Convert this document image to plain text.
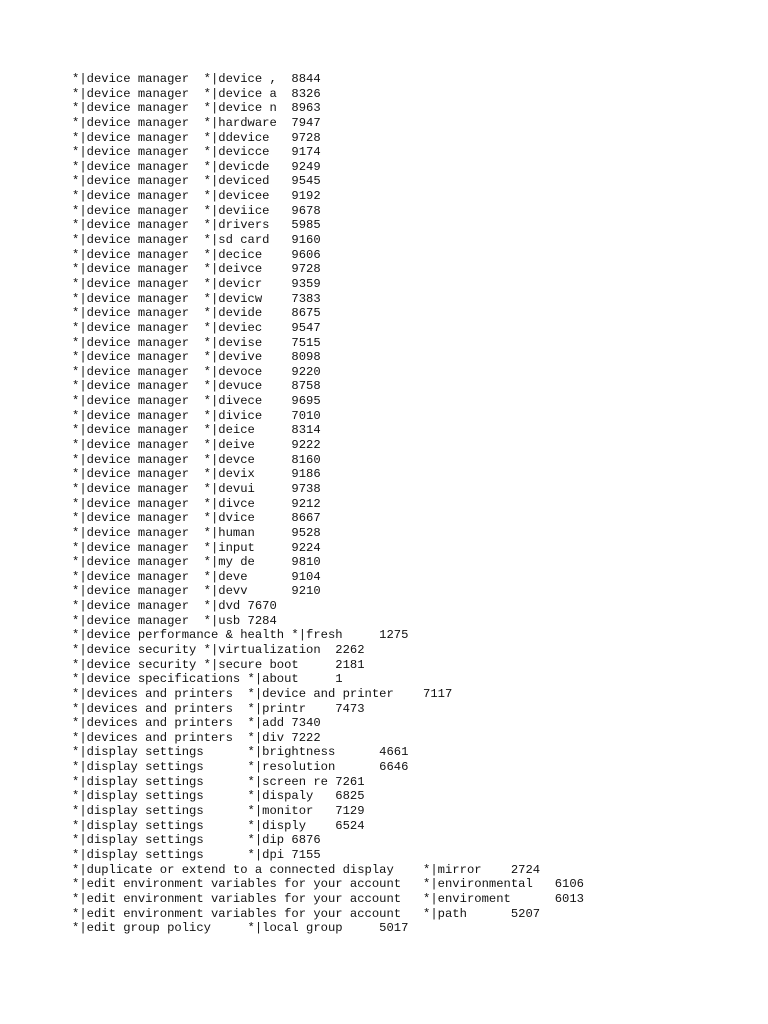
*|device manager  *|device ,  8844
*|device manager  *|device a  8326
*|device manager  *|device n  8963
*|device manager  *|hardware  7947
*|device manager  *|ddevice   9728
*|device manager  *|devicce   9174
*|device manager  *|devicde   9249
*|device manager  *|deviced   9545
*|device manager  *|devicee   9192
*|device manager  *|deviice   9678
*|device manager  *|drivers   5985
*|device manager  *|sd card   9160
*|device manager  *|decice    9606
*|device manager  *|deivce    9728
*|device manager  *|devicr    9359
*|device manager  *|devicw    7383
*|device manager  *|devide    8675
*|device manager  *|deviec    9547
*|device manager  *|devise    7515
*|device manager  *|devive    8098
*|device manager  *|devoce    9220
*|device manager  *|devuce    8758
*|device manager  *|divece    9695
*|device manager  *|divice    7010
*|device manager  *|deice     8314
*|device manager  *|deive     9222
*|device manager  *|devce     8160
*|device manager  *|devix     9186
*|device manager  *|devui     9738
*|device manager  *|divce     9212
*|device manager  *|dvice     8667
*|device manager  *|human     9528
*|device manager  *|input     9224
*|device manager  *|my de     9810
*|device manager  *|deve      9104
*|device manager  *|devv      9210
*|device manager  *|dvd 7670
*|device manager  *|usb 7284
*|device performance & health *|fresh     1275
*|device security *|virtualization  2262
*|device security *|secure boot     2181
*|device specifications *|about     1
*|devices and printers  *|device and printer    7117
*|devices and printers  *|printr    7473
*|devices and printers  *|add 7340
*|devices and printers  *|div 7222
*|display settings      *|brightness      4661
*|display settings      *|resolution      6646
*|display settings      *|screen re 7261
*|display settings      *|dispaly   6825
*|display settings      *|monitor   7129
*|display settings      *|disply    6524
*|display settings      *|dip 6876
*|display settings      *|dpi 7155
*|duplicate or extend to a connected display    *|mirror    2724
*|edit environment variables for your account   *|environmental   6106
*|edit environment variables for your account   *|enviroment      6013
*|edit environment variables for your account   *|path      5207
*|edit group policy     *|local group     5017
